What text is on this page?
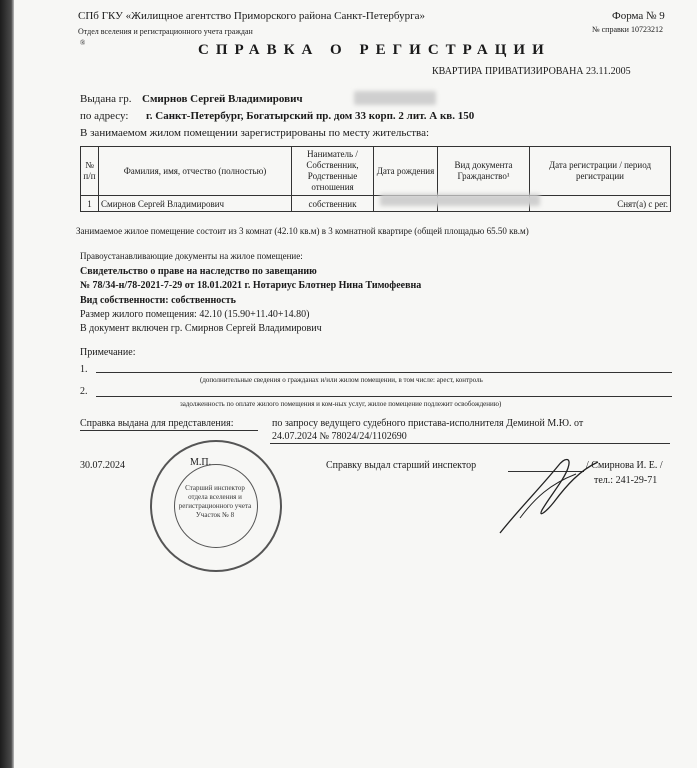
СПб ГКУ «Жилищное агентство Приморского района Санкт-Петербурга»
Отдел вселения и регистрационного учета граждан
®
Форма № 9
№ справки 10723212
СПРАВКА О РЕГИСТРАЦИИ
КВАРТИРА ПРИВАТИЗИРОВАНА 23.11.2005
Выдана гр. Смирнов Сергей Владимирович
по адресу: г. Санкт-Петербург, Богатырский пр. дом 33 корп. 2 лит. А кв. 150
В занимаемом жилом помещении зарегистрированы по месту жительства:
№ п/п	Фамилия, имя, отчество (полностью)	Наниматель / Собственник, Родственные отношения	Дата рождения	Вид документа Гражданство¹	Дата регистрации / период регистрации
1	Смирнов Сергей Владимирович	собственник			Снят(а) с рег.
Занимаемое жилое помещение состоит из 3 комнат (42.10 кв.м) в 3 комнатной квартире (общей площадью 65.50 кв.м)
Правоустанавливающие документы на жилое помещение:
Свидетельство о праве на наследство по завещанию
№ 78/34-н/78-2021-7-29 от 18.01.2021 г. Нотариус Блотнер Нина Тимофеевна
Вид собственности: собственность
Размер жилого помещения: 42.10 (15.90+11.40+14.80)
В документ включен гр. Смирнов Сергей Владимирович
Примечание:
1.
(дополнительные сведения о гражданах и/или жилом помещении, в том числе: арест, контроль
2.
задолженность по оплате жилого помещения и ком-ных услуг, жилое помещение подлежит освобождению)
Справка выдана для представления:	по запросу ведущего судебного пристава-исполнителя Деминой М.Ю. от
24.07.2024 № 78024/24/1102690
30.07.2024	М.П.	Справку выдал старший инспектор	/ Смирнова И. Е. /
тел.: 241-29-71
Старший инспектор отдела вселения и регистрационного учета Участок № 8
